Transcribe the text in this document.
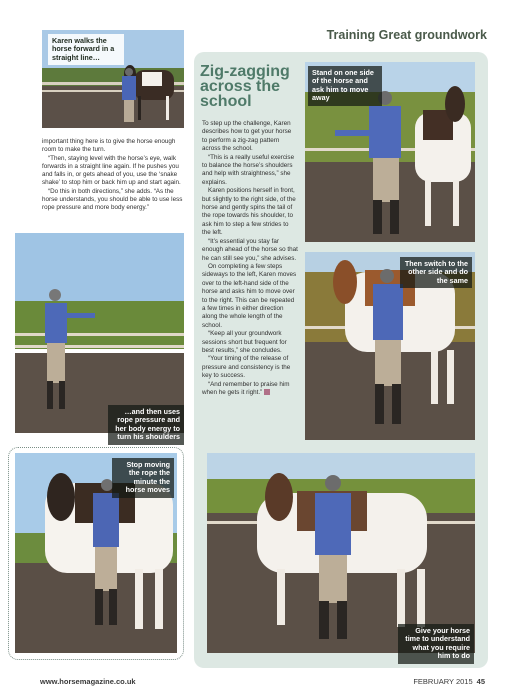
Training Great groundwork
Karen walks the horse forward in a straight line…

important thing here is to give the horse enough room to make the turn.

“Then, staying level with the horse’s eye, walk forwards in a straight line again. If he pushes you and falls in, or gets ahead of you, use the ‘snake shake’ to stop him or back him up and start again.

“Do this in both directions,” she adds. “As the horse understands, you should be able to use less rope pressure and more body energy.”

…and then uses rope pressure and her body energy to turn his shoulders
Stop moving the rope the minute the horse moves
Zig-zagging across the school

To step up the challenge, Karen describes how to get your horse to perform a zig-zag pattern across the school.

“This is a really useful exercise to balance the horse’s shoulders and help with straightness,” she explains.

Karen positions herself in front, but slightly to the right side, of the horse and gently spins the tail of the rope towards his shoulder, to ask him to step a few strides to the left.

“It’s essential you stay far enough ahead of the horse so that he can still see you,” she advises.

On completing a few steps sideways to the left, Karen moves over to the left-hand side of the horse and asks him to move over to the right. This can be repeated a few times in either direction along the whole length of the school.

“Keep all your groundwork sessions short but frequent for best results,” she concludes.

“Your timing of the release of pressure and consistency is the key to success.

“And remember to praise him when he gets it right.”

Stand on one side of the horse and ask him to move away
Then switch to the other side and do the same
Give your horse time to understand what you require him to do
www.horsemagazine.co.uk	FEBRUARY 2015 45
